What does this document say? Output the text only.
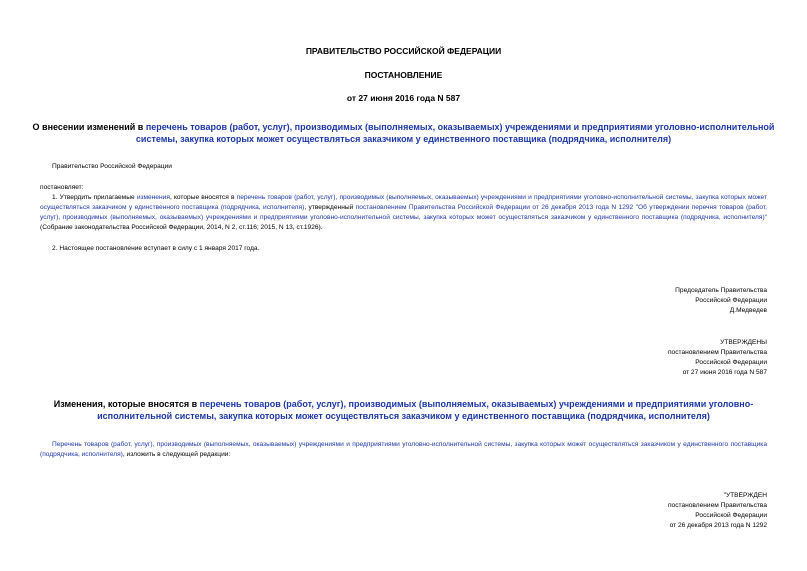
ПРАВИТЕЛЬСТВО РОССИЙСКОЙ ФЕДЕРАЦИИ
ПОСТАНОВЛЕНИЕ
от 27 июня 2016 года N 587
О внесении изменений в перечень товаров (работ, услуг), производимых (выполняемых, оказываемых) учреждениями и предприятиями уголовно-исполнительной системы, закупка которых может осуществляться заказчиком у единственного поставщика (подрядчика, исполнителя)
Правительство Российской Федерации
постановляет:
1. Утвердить прилагаемые изменения, которые вносятся в перечень товаров (работ, услуг), производимых (выполняемых, оказываемых) учреждениями и предприятиями уголовно-исполнительной системы, закупка которых может осуществляться заказчиком у единственного поставщика (подрядчика, исполнителя), утвержденный постановлением Правительства Российской Федерации от 26 декабря 2013 года N 1292 "Об утверждении перечня товаров (работ, услуг), производимых (выполняемых, оказываемых) учреждениями и предприятиями уголовно-исполнительной системы, закупка которых может осуществляться заказчиком у единственного поставщика (подрядчика, исполнителя)" (Собрание законодательства Российской Федерации, 2014, N 2, ст.116; 2015, N 13, ст.1926).
2. Настоящее постановление вступает в силу с 1 января 2017 года.
Председатель Правительства
Российской Федерации
Д.Медведев
УТВЕРЖДЕНЫ
постановлением Правительства
Российской Федерации
от 27 июня 2016 года N 587
Изменения, которые вносятся в перечень товаров (работ, услуг), производимых (выполняемых, оказываемых) учреждениями и предприятиями уголовно-исполнительной системы, закупка которых может осуществляться заказчиком у единственного поставщика (подрядчика, исполнителя)
Перечень товаров (работ, услуг), производимых (выполняемых, оказываемых) учреждениями и предприятиями уголовно-исполнительной системы, закупка которых может осуществляться заказчиком у единственного поставщика (подрядчика, исполнителя), изложить в следующей редакции:
"УТВЕРЖДЕН
постановлением Правительства
Российской Федерации
от 26 декабря 2013 года N 1292
